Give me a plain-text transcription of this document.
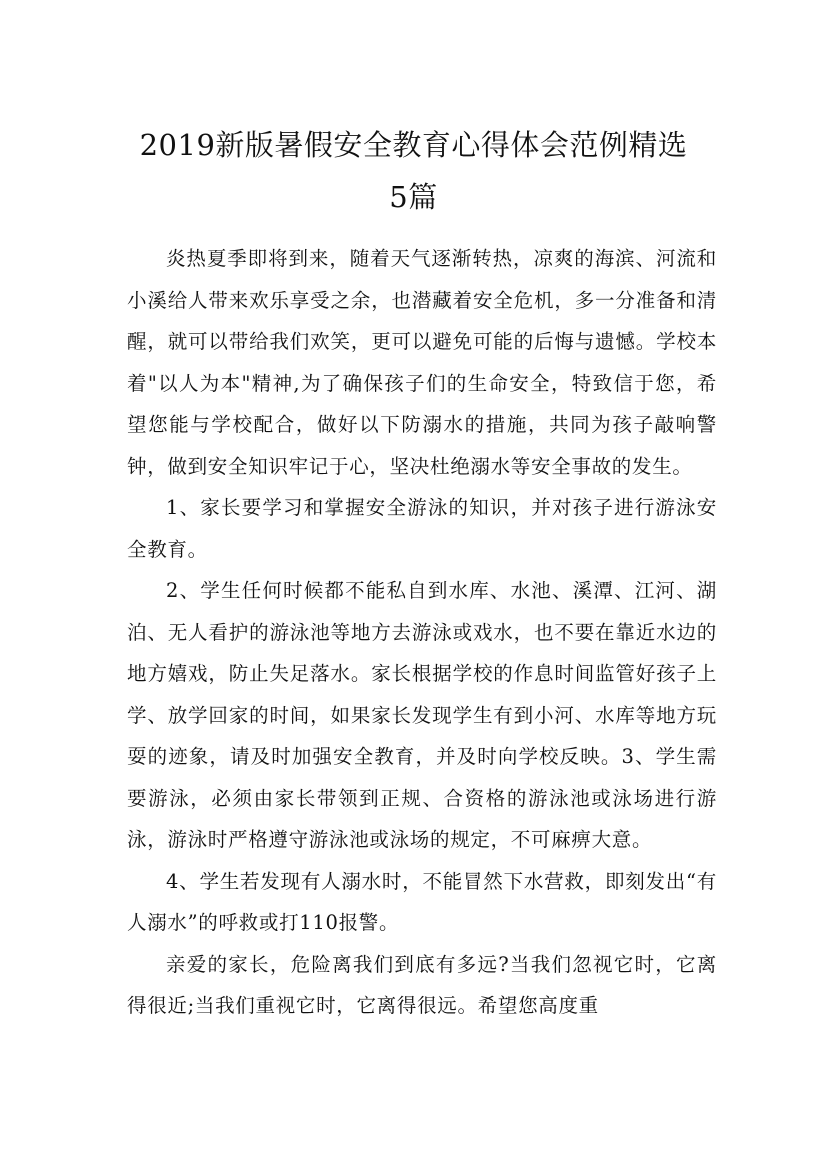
2019新版暑假安全教育心得体会范例精选
5篇

炎热夏季即将到来，随着天气逐渐转热，凉爽的海滨、河流和小溪给人带来欢乐享受之余，也潜藏着安全危机，多一分准备和清醒，就可以带给我们欢笑，更可以避免可能的后悔与遗憾。学校本着"以人为本"精神,为了确保孩子们的生命安全，特致信于您，希望您能与学校配合，做好以下防溺水的措施，共同为孩子敲响警钟，做到安全知识牢记于心，坚决杜绝溺水等安全事故的发生。

1、家长要学习和掌握安全游泳的知识，并对孩子进行游泳安全教育。

2、学生任何时候都不能私自到水库、水池、溪潭、江河、湖泊、无人看护的游泳池等地方去游泳或戏水，也不要在靠近水边的地方嬉戏，防止失足落水。家长根据学校的作息时间监管好孩子上学、放学回家的时间，如果家长发现学生有到小河、水库等地方玩耍的迹象，请及时加强安全教育，并及时向学校反映。3、学生需要游泳，必须由家长带领到正规、合资格的游泳池或泳场进行游泳，游泳时严格遵守游泳池或泳场的规定，不可麻痹大意。

4、学生若发现有人溺水时，不能冒然下水营救，即刻发出“有人溺水”的呼救或打110报警。

亲爱的家长，危险离我们到底有多远?当我们忽视它时，它离得很近;当我们重视它时，它离得很远。希望您高度重
